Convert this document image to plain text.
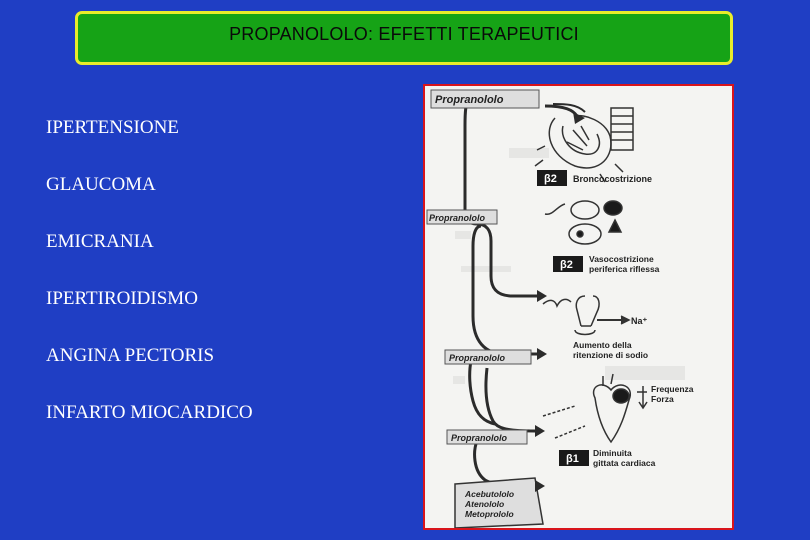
PROPANOLOLO: EFFETTI TERAPEUTICI
IPERTENSIONE
GLAUCOMA
EMICRANIA
IPERTIROIDISMO
ANGINA PECTORIS
INFARTO MIOCARDICO
Propranololo
β2 Broncocostrizione
Propranololo
β2 Vasocostrizione
periferica riflessa
Na⁺
Aumento della
ritenzione di sodio
Propranololo
Frequenza
Forza
Propranololo
β1 Diminuita
gittata cardiaca
Acebutololo
Atenololo
Metoprololo
